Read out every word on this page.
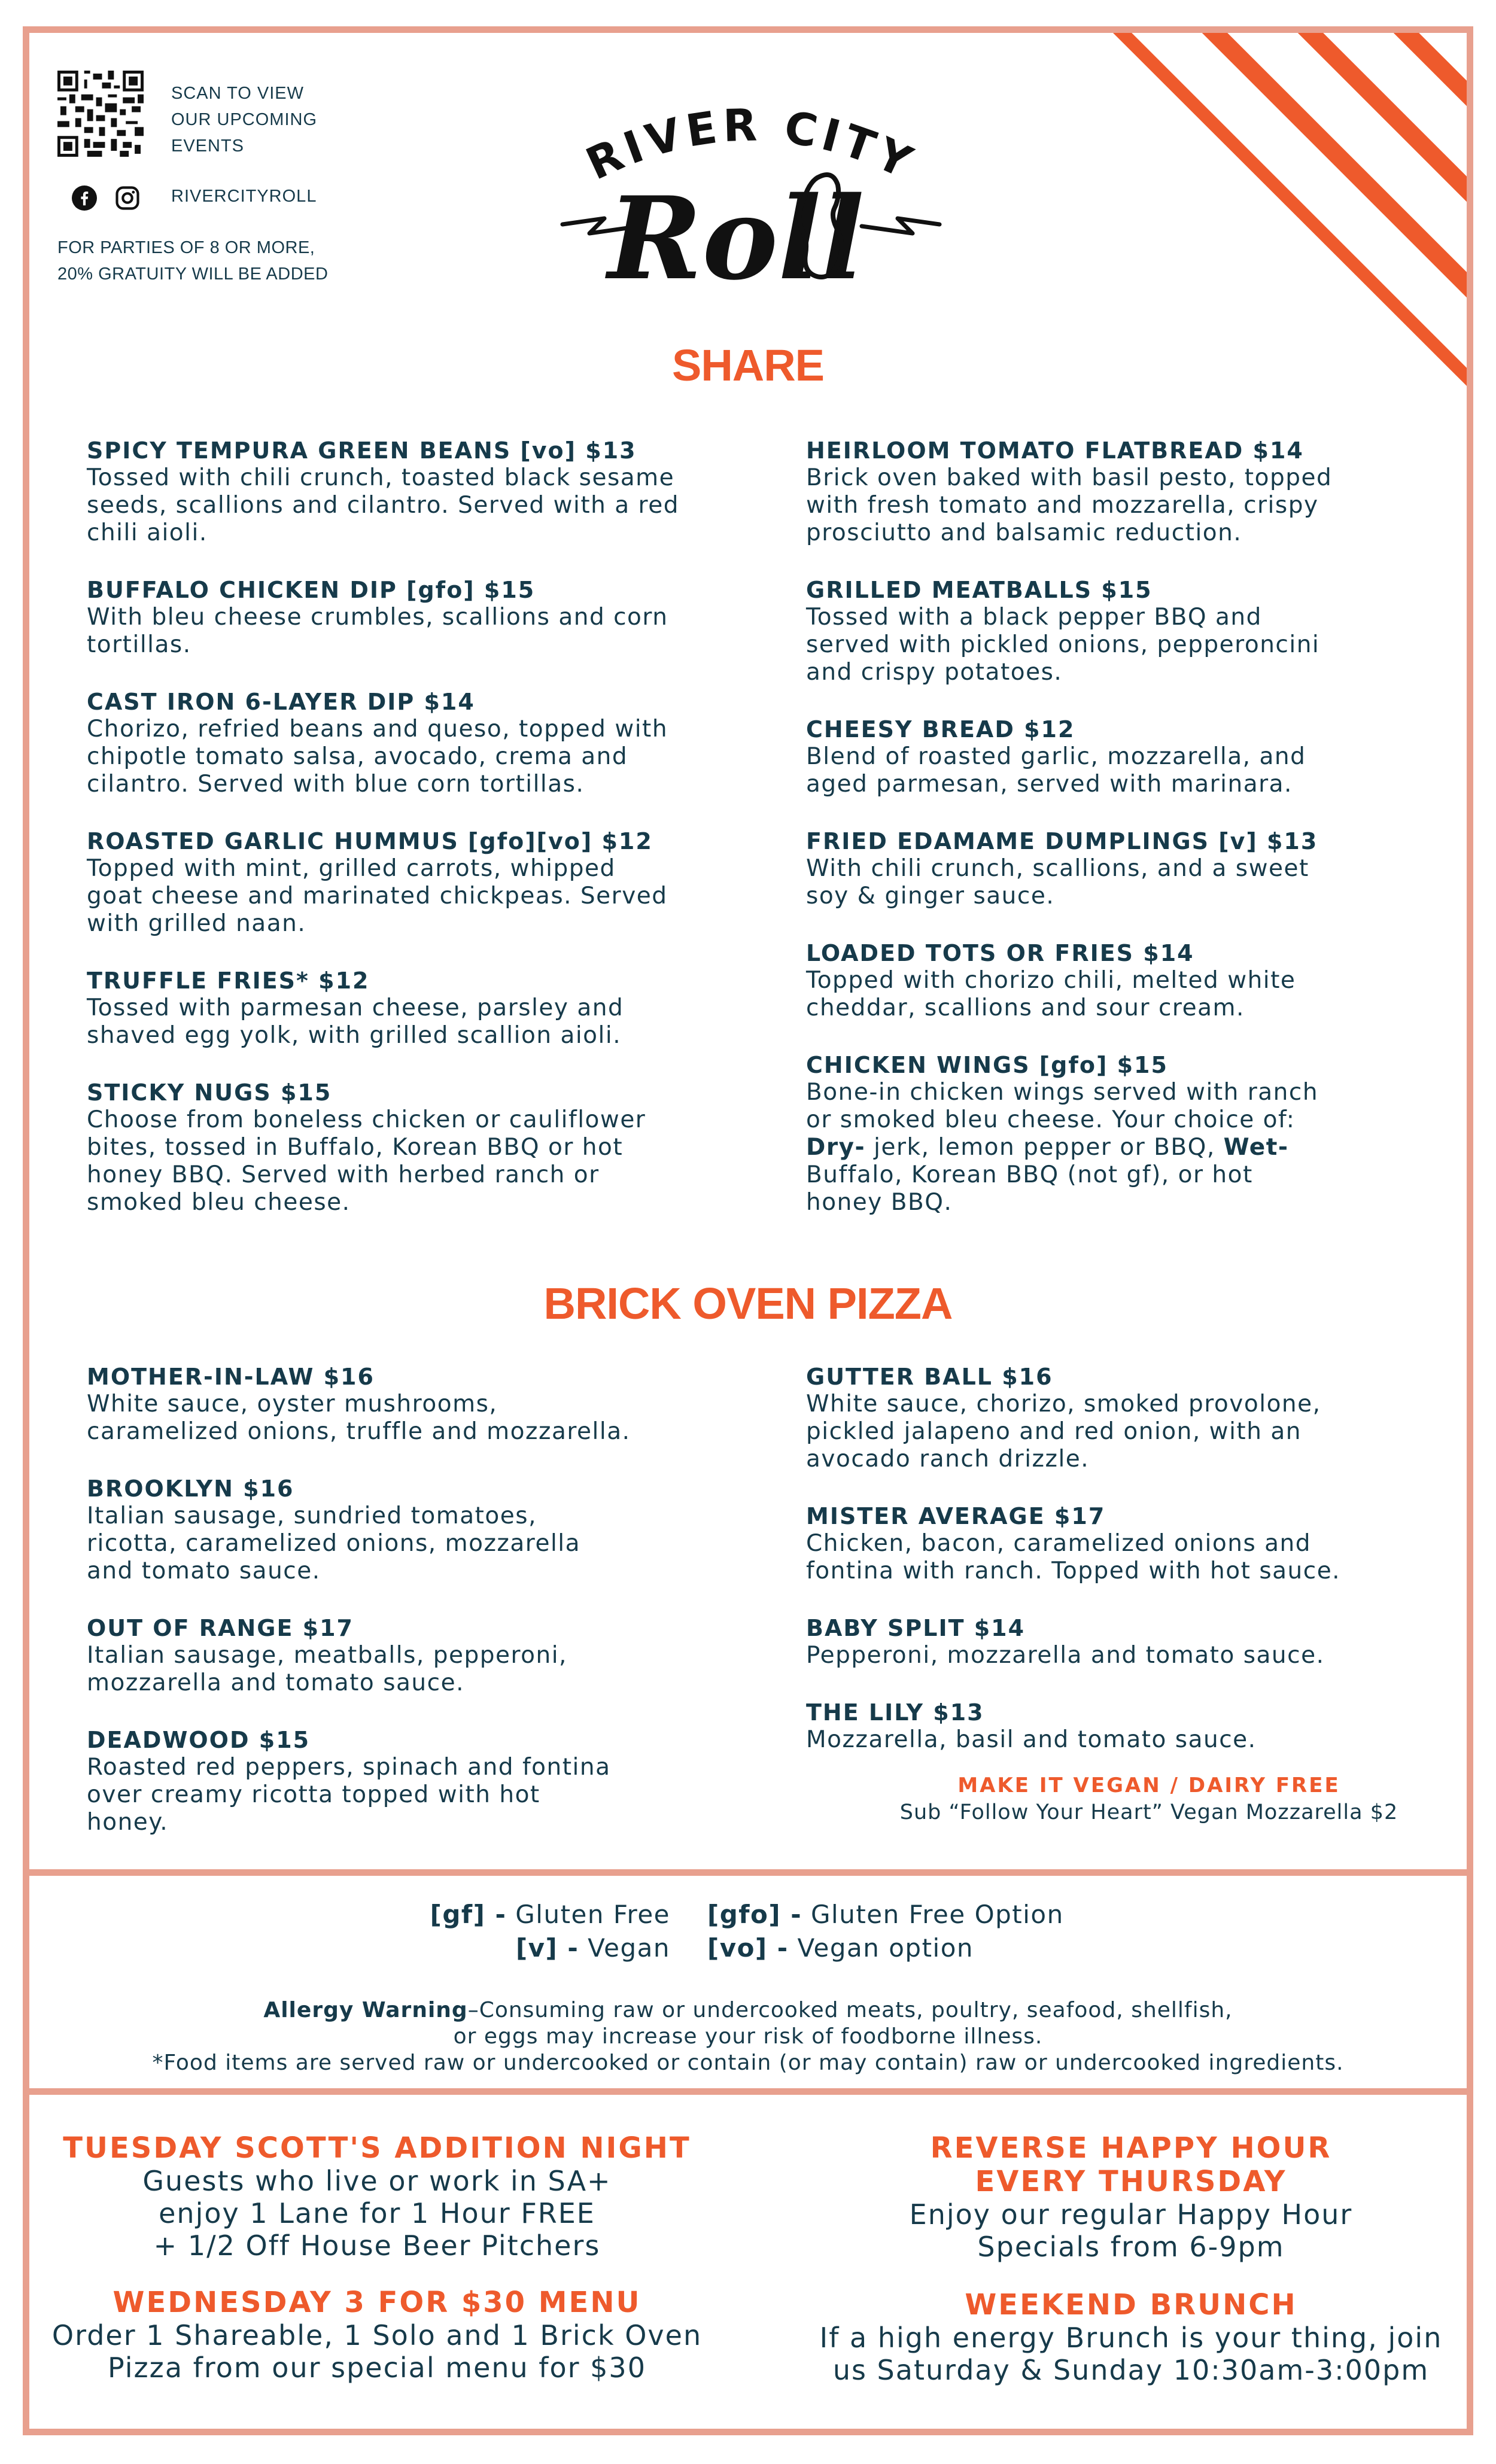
SCAN TO VIEW
OUR UPCOMING
EVENTS
RIVERCITYROLL
FOR PARTIES OF 8 OR MORE,
20% GRATUITY WILL BE ADDED
RIVER CITY
Roll
SHARE
SPICY TEMPURA GREEN BEANS [vo] $13
Tossed with chili crunch, toasted black sesame
seeds, scallions and cilantro. Served with a red
chili aioli.
BUFFALO CHICKEN DIP [gfo] $15
With bleu cheese crumbles, scallions and corn
tortillas.
CAST IRON 6-LAYER DIP $14
Chorizo, refried beans and queso, topped with
chipotle tomato salsa, avocado, crema and
cilantro. Served with blue corn tortillas.
ROASTED GARLIC HUMMUS [gfo][vo] $12
Topped with mint, grilled carrots, whipped
goat cheese and marinated chickpeas. Served
with grilled naan.
TRUFFLE FRIES* $12
Tossed with parmesan cheese, parsley and
shaved egg yolk, with grilled scallion aioli.
STICKY NUGS $15
Choose from boneless chicken or cauliflower
bites, tossed in Buffalo, Korean BBQ or hot
honey BBQ. Served with herbed ranch or
smoked bleu cheese.
HEIRLOOM TOMATO FLATBREAD $14
Brick oven baked with basil pesto, topped
with fresh tomato and mozzarella, crispy
prosciutto and balsamic reduction.
GRILLED MEATBALLS $15
Tossed with a black pepper BBQ and
served with pickled onions, pepperoncini
and crispy potatoes.
CHEESY BREAD $12
Blend of roasted garlic, mozzarella, and
aged parmesan, served with marinara.
FRIED EDAMAME DUMPLINGS [v] $13
With chili crunch, scallions, and a sweet
soy & ginger sauce.
LOADED TOTS OR FRIES $14
Topped with chorizo chili, melted white
cheddar, scallions and sour cream.
CHICKEN WINGS [gfo] $15
Bone-in chicken wings served with ranch
or smoked bleu cheese. Your choice of:
Dry- jerk, lemon pepper or BBQ, Wet-
Buffalo, Korean BBQ (not gf), or hot
honey BBQ.
BRICK OVEN PIZZA
MOTHER-IN-LAW $16
White sauce, oyster mushrooms,
caramelized onions, truffle and mozzarella.
BROOKLYN $16
Italian sausage, sundried tomatoes,
ricotta, caramelized onions, mozzarella
and tomato sauce.
OUT OF RANGE $17
Italian sausage, meatballs, pepperoni,
mozzarella and tomato sauce.
DEADWOOD $15
Roasted red peppers, spinach and fontina
over creamy ricotta topped with hot
honey.
GUTTER BALL $16
White sauce, chorizo, smoked provolone,
pickled jalapeno and red onion, with an
avocado ranch drizzle.
MISTER AVERAGE $17
Chicken, bacon, caramelized onions and
fontina with ranch. Topped with hot sauce.
BABY SPLIT $14
Pepperoni, mozzarella and tomato sauce.
THE LILY $13
Mozzarella, basil and tomato sauce.
MAKE IT VEGAN / DAIRY FREE
Sub “Follow Your Heart” Vegan Mozzarella $2
[gf] - Gluten Free [gfo] - Gluten Free Option
[v] - Vegan [vo] - Vegan option
Allergy Warning–Consuming raw or undercooked meats, poultry, seafood, shellfish,
or eggs may increase your risk of foodborne illness.
*Food items are served raw or undercooked or contain (or may contain) raw or undercooked ingredients.
TUESDAY SCOTT'S ADDITION NIGHT
Guests who live or work in SA+
enjoy 1 Lane for 1 Hour FREE
+ 1/2 Off House Beer Pitchers
WEDNESDAY 3 FOR $30 MENU
Order 1 Shareable, 1 Solo and 1 Brick Oven
Pizza from our special menu for $30
REVERSE HAPPY HOUR
EVERY THURSDAY
Enjoy our regular Happy Hour
Specials from 6-9pm
WEEKEND BRUNCH
If a high energy Brunch is your thing, join
us Saturday & Sunday 10:30am-3:00pm
